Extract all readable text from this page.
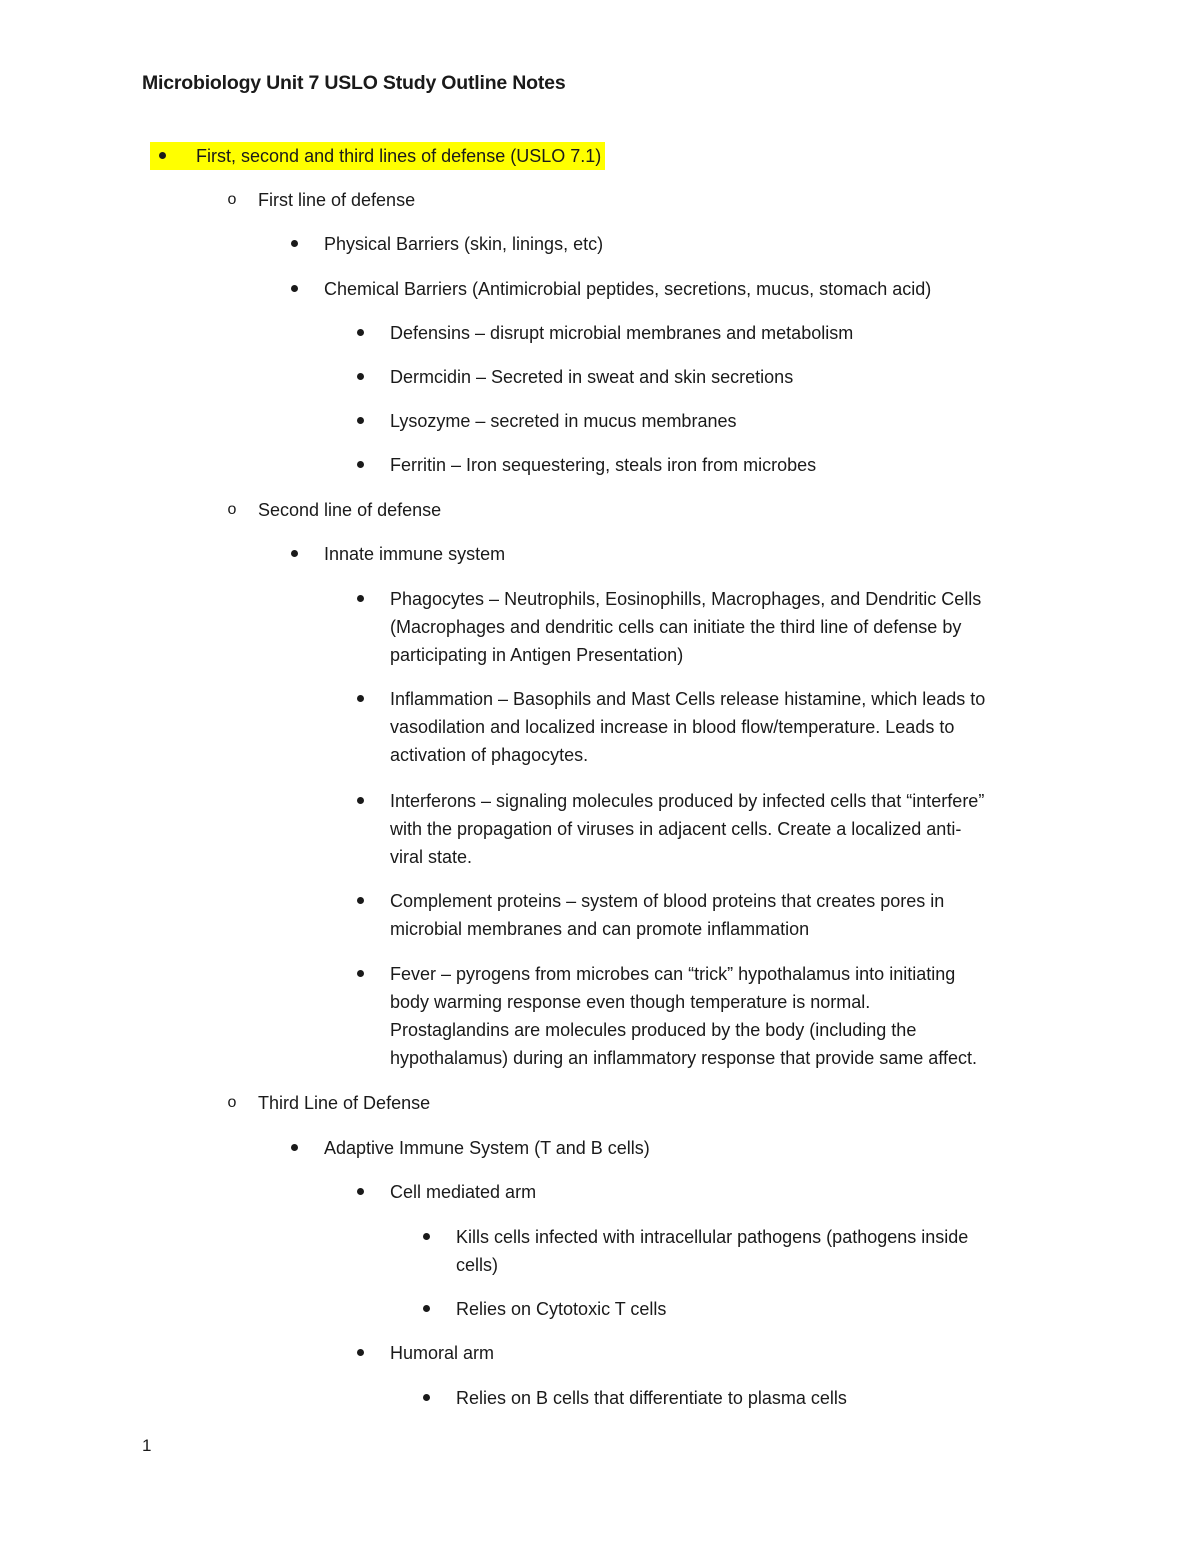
Microbiology Unit 7 USLO Study Outline Notes
First, second and third lines of defense (USLO 7.1)
o	First line of defense
Physical Barriers (skin, linings, etc)
Chemical Barriers (Antimicrobial peptides, secretions, mucus, stomach acid)
Defensins – disrupt microbial membranes and metabolism
Dermcidin – Secreted in sweat and skin secretions
Lysozyme – secreted in mucus membranes
Ferritin – Iron sequestering, steals iron from microbes
o	Second line of defense
Innate immune system
Phagocytes – Neutrophils, Eosinophills, Macrophages, and Dendritic Cells
(Macrophages and dendritic cells can initiate the third line of defense by
participating in Antigen Presentation)
Inflammation – Basophils and Mast Cells release histamine, which leads to
vasodilation and localized increase in blood flow/temperature. Leads to
activation of phagocytes.
Interferons – signaling molecules produced by infected cells that “interfere”
with the propagation of viruses in adjacent cells. Create a localized anti-
viral state.
Complement proteins – system of blood proteins that creates pores in
microbial membranes and can promote inflammation
Fever – pyrogens from microbes can “trick” hypothalamus into initiating
body warming response even though temperature is normal.
Prostaglandins are molecules produced by the body (including the
hypothalamus) during an inflammatory response that provide same affect.
o	Third Line of Defense
Adaptive Immune System (T and B cells)
Cell mediated arm
Kills cells infected with intracellular pathogens (pathogens inside
cells)
Relies on Cytotoxic T cells
Humoral arm
Relies on B cells that differentiate to plasma cells
1
